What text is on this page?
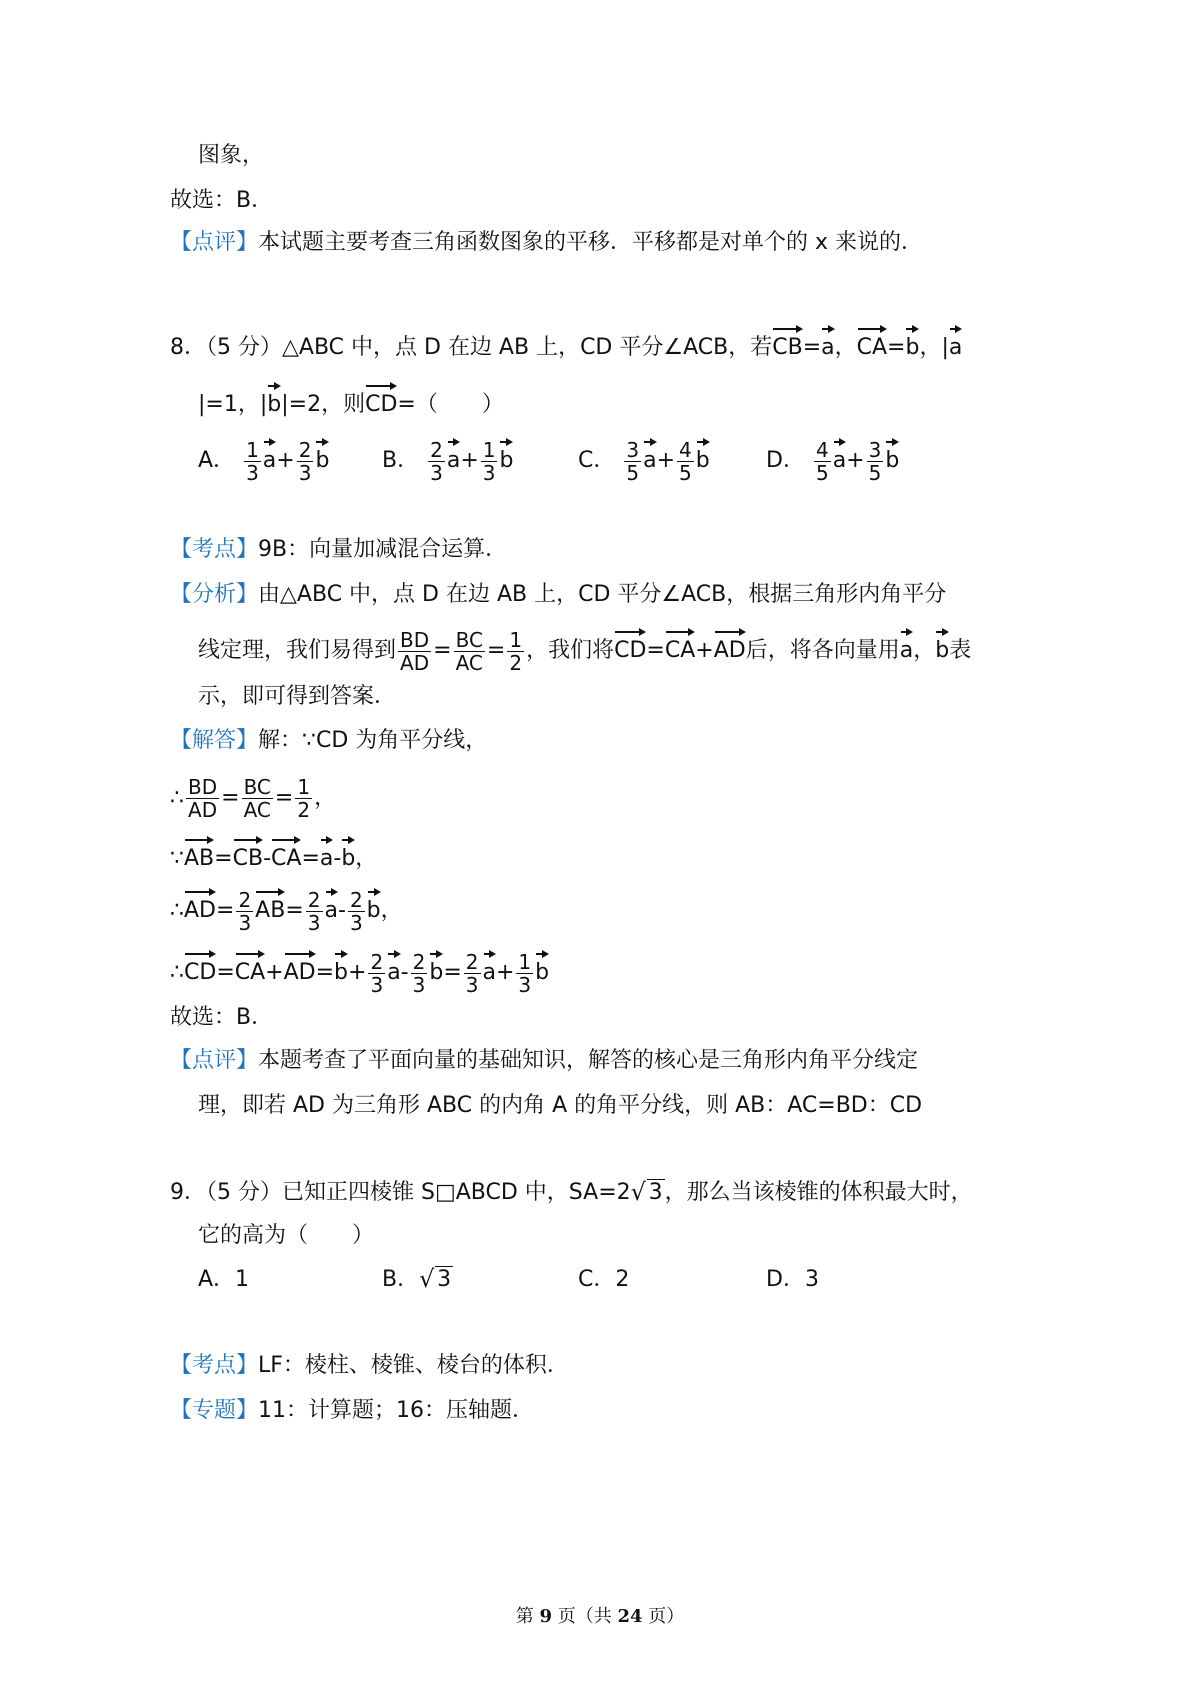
图象，
故选：B．
【点评】本试题主要考查三角函数图象的平移．平移都是对单个的 x 来说的．
8．（5 分）△ABC 中，点 D 在边 AB 上，CD 平分∠ACB，若CB=a，CA=b，|a
|=1，|b|=2，则CD=（　　）
A． $\frac{1}{3} a+ \frac{2}{3}$ b B． $\frac{2}{3} a+ \frac{1}{3}$ b	C． $\frac{3}{5} a+ \frac{4}{5}$ b	D． $\frac{4}{5} a+ \frac{3}{5}$ b
【考点】9B：向量加减混合运算．
【分析】由△ABC 中，点 D 在边 AB 上，CD 平分∠ACB，根据三角形内角平分
线定理，我们易得到 $\frac{BD}{AD} = \frac{BC}{AC} = \frac{1}{2}$ ，我们将CD=CA+AD后，将各向量用a，b表
示，即可得到答案．
【解答】解：∵CD 为角平分线，
∴ $\frac{BD}{AD} = \frac{BC}{AC} = \frac{1}{2}$ ，
∵AB=CB-CA=a-b，
∴AD= $\frac{2}{3} AB= \frac{2}{3} a- \frac{2}{3}$ b，
∴CD=CA+AD=b+ $\frac{2}{3} a- \frac{2}{3} b= \frac{2}{3} a+ \frac{1}{3}$ b
故选：B．
【点评】本题考查了平面向量的基础知识，解答的核心是三角形内角平分线定
理，即若 AD 为三角形 ABC 的内角 A 的角平分线，则 AB：AC=BD：CD
9．（5 分）已知正四棱锥 S□ABCD 中，SA=2 √ 3，那么当该棱锥的体积最大时，
它的高为（　　）
A．1	B． √ 3	C．2	D．3
【考点】LF：棱柱、棱锥、棱台的体积．
【专题】11：计算题；16：压轴题．
第 9 页（共 24 页）
